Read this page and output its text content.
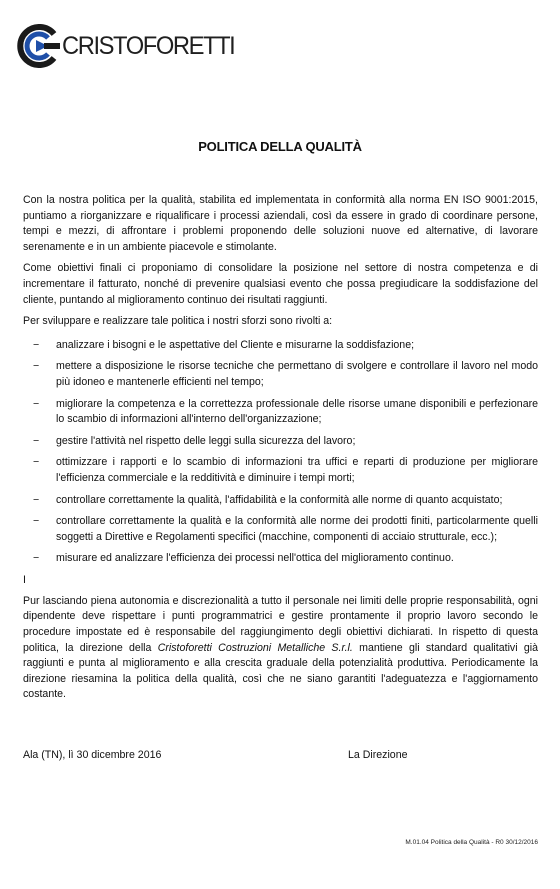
CRISTOFORETTI
POLITICA DELLA QUALITÀ

Con la nostra politica per la qualità, stabilita ed implementata in conformità alla norma EN ISO 9001:2015, puntiamo a riorganizzare e riqualificare i processi aziendali, così da essere in grado di coordinare persone, tempi e mezzi, di affrontare i problemi proponendo delle soluzioni nuove ed alternative, di lavorare serenamente e in un ambiente piacevole e stimolante.

Come obiettivi finali ci proponiamo di consolidare la posizione nel settore di nostra competenza e di incrementare il fatturato, nonché di prevenire qualsiasi evento che possa pregiudicare la soddisfazione del cliente, puntando al miglioramento continuo dei risultati raggiunti.

Per sviluppare e realizzare tale politica i nostri sforzi sono rivolti a:

− analizzare i bisogni e le aspettative del Cliente e misurarne la soddisfazione;
− mettere a disposizione le risorse tecniche che permettano di svolgere e controllare il lavoro nel modo più idoneo e mantenerle efficienti nel tempo;
− migliorare la competenza e la correttezza professionale delle risorse umane disponibili e perfezionare lo scambio di informazioni all'interno dell'organizzazione;
− gestire l'attività nel rispetto delle leggi sulla sicurezza del lavoro;
− ottimizzare i rapporti e lo scambio di informazioni tra uffici e reparti di produzione per migliorare l'efficienza commerciale e la redditività e diminuire i tempi morti;
− controllare correttamente la qualità, l'affidabilità e la conformità alle norme di quanto acquistato;
− controllare correttamente la qualità e la conformità alle norme dei prodotti finiti, particolarmente quelli soggetti a Direttive e Regolamenti specifici (macchine, componenti di acciaio strutturale, ecc.);
− misurare ed analizzare l'efficienza dei processi nell'ottica del miglioramento continuo.
I

Pur lasciando piena autonomia e discrezionalità a tutto il personale nei limiti delle proprie responsabilità, ogni dipendente deve rispettare i punti programmatrici e gestire prontamente il proprio lavoro secondo le procedure impostate ed è responsabile del raggiungimento degli obiettivi dichiarati. In rispetto di questa politica, la direzione della Cristoforetti Costruzioni Metalliche S.r.l. mantiene gli standard qualitativi già raggiunti e punta al miglioramento e alla crescita graduale della potenzialità produttiva. Periodicamente la direzione riesamina la politica della qualità, così che ne siano garantiti l'adeguatezza e l'aggiornamento costante.

Ala (TN), lì 30 dicembre 2016	La Direzione
M.01.04 Politica della Qualità - R0 30/12/2016
